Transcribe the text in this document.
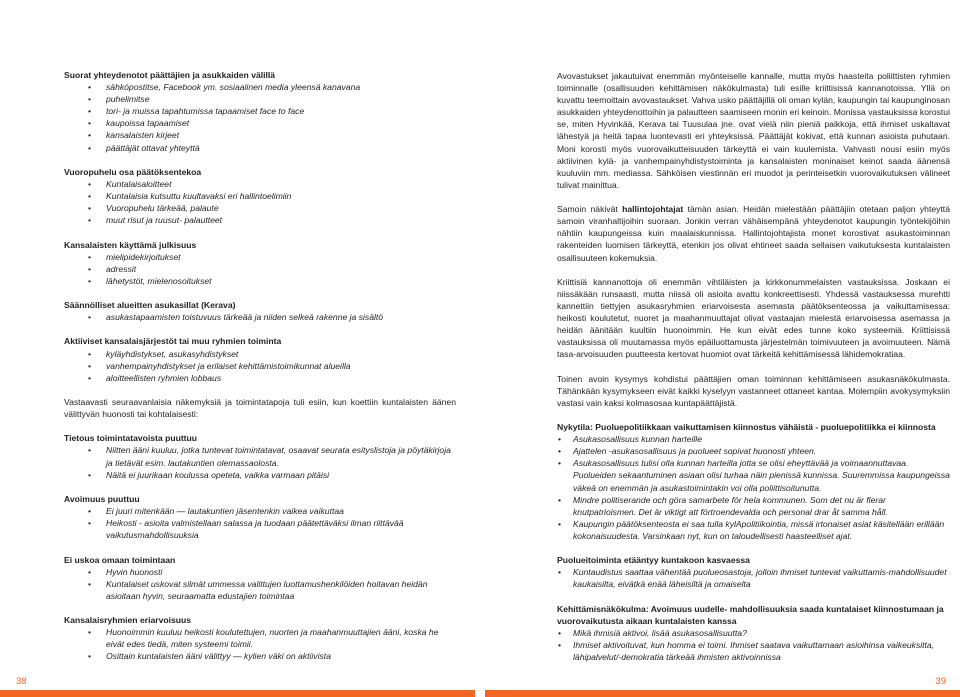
Suorat yhteydenotot päättäjien ja asukkaiden välillä
• sähköpostitse, Facebook ym. sosiaalinen media yleensä kanavana
• puhelimitse
• tori- ja muissa tapahtumissa tapaamiset face to face
• kaupoissa tapaamiset
• kansalaisten kirjeet
• päättäjät ottavat yhteyttä
Vuoropuhelu osa päätöksentekoa
• Kuntalaisaloitteet
• Kuntalaisia kutsuttu kuultavaksi eri hallintoelimiin
• Vuoropuhelu tärkeää, palaute
• muut risut ja ruusut- palautteet
Kansalaisten käyttämä julkisuus
• mielipidekirjoitukset
• adressit
• lähetystöt, mielenosoitukset
Säännölliset alueitten asukasillat (Kerava)
• asukastapaamisten toistuvuus tärkeää ja niiden selkeä rakenne ja sisältö
Aktiiviset kansalaisjärjestöt tai muu ryhmien toiminta
• kyläyhdistykset, asukasyhdistykset
• vanhempainyhdistykset ja erilaiset kehittämistoimikunnat alueilla
• aloitteellisten ryhmien lobbaus

Vastaavasti seuraavanlaisia näkemyksiä ja toimintatapoja tuli esiin, kun koettiin kuntalaisten äänen välittyvän huonosti tai kohtalaisesti:

Tietous toimintatavoista puuttuu
• Niitten ääni kuuluu, jotka tuntevat toimintatavat, osaavat seurata esityslistoja ja pöytäkirjoja ja tietävät esim. lautakuntien olemassaolosta.
• Näitä ei juurikaan koulussa opeteta, vaikka varmaan pitäisi
Avoimuus puuttuu
• Ei juuri mitenkään — lautakuntien jäsentenkin vaikea vaikuttaa
• Heikosti - asioita valmistellaan salassa ja tuodaan päätettäväksi ilman riittävää vaikutusmahdollisuuksia
Ei uskoa omaan toimintaan
• Hyvin huonosti
• Kuntalaiset uskovat silmät ummessa valittujen luottamushenkilöiden hoitavan heidän asioitaan hyvin, seuraamatta edustajien toimintaa
Kansalaisryhmien eriarvoisuus
• Huonoimmin kuuluu heikosti koulutettujen, nuorten ja maahanmuuttajien ääni, koska he eivät edes tiedä, miten systeemi toimii.
• Osittain kuntalaisten ääni välittyy — kylien väki on aktiivista
38

Avovastukset jakautuivat enemmän myönteiselle kannalle, mutta myös haasteita poliittisten ryhmien toiminnalle (osallisuuden kehittämisen näkökulmasta) tuli esille kriittisissä kannanotoissa. Yllä on kuvattu teemoittain avovastaukset. Vahva usko päättäjillä oli oman kylän, kaupungin tai kaupunginosan asukkaiden yhteydenottoihin ja palautteen saamiseen monin eri keinoin. Monissa vastauksissa korostui se, miten Hyvinkää, Kerava tai Tuusulaa jne. ovat vielä niin pieniä paikkoja, että ihmiset uskaltavat lähestyä ja heitä tapaa luontevasti eri yhteyksissä. Päättäjät kokivat, että kunnan asioista puhutaan. Moni korosti myös vuorovaikutteisuuden tärkeyttä ei vain kuulemista. Vahvasti nousi esiin myös aktiivinen kylä- ja vanhempainyhdistystoiminta ja kansalaisten moninaiset keinot saada äänensä kuuluviin mm. mediassa. Sähköisen viestinnän eri muodot ja perinteisetkin vuorovaikutuksen välineet tulivat mainittua.

Samoin näkivät hallintojohtajat tämän asian. Heidän mielestään päättäjiin otetaan paljon yhteyttä samoin viranhaltijoihin suoraan. Jonkin verran vähäisempänä yhteydenotot kaupungin työntekijöihin nähtiin kaupungeissa kuin maalaiskunnissa. Hallintojohtajista monet korostivat asukastoiminnan rakenteiden luomisen tärkeyttä, etenkin jos olivat ehtineet saada sellaisen vaikutuksesta kuntalaisten osallisuuteen kokemuksia.

Kriittisiä kannanottoja oli enemmän vihtiläisten ja kirkkonummelaisten vastauksissa. Joskaan ei niissäkään runsaasti, mutta niissä oli asioita avattu konkreettisesti. Yhdessä vastauksessa murehtti kannettiin tiettyjen asukasryhmien eriarvoisesta asemasta päätöksenteossa ja vaikuttamisessa: heikosti koulutetut, nuoret ja maahanmuuttajat olivat vastaajan mielestä eriarvoisessa asemassa ja heidän äänitään kuultiin huonoimmin. He kun eivät edes tunne koko systeemiä. Kriittisissä vastauksissa oli muutamassa myös epäiluottamusta järjestelmän toimivuuteen ja avoimuuteen. Nämä tasa-arvoisuuden puutteesta kertovat huomiot ovat tärkeitä kehittämisessä lähidemokratiaa.

Toinen avoin kysymys kohdistui päättäjien oman toiminnan kehittämiseen asukasnäkökulmasta. Tähänkään kysymykseen eivät kaikki kyselyyn vastanneet ottaneet kantaa. Molempiin avokysymyksiin vastasi vain kaksi kolmasosaa kuntapäättäjistä.

Nykytila: Puoluepolitiikkaan vaikuttamisen kiinnostus vähäistä - puoluepolitiikka ei kiinnosta
• Asukasosallisuus kunnan harteille
• Ajattelen -asukasosallisuus ja puolueet sopivat huonosti yhteen.
• Asukasosallisuus tulisi olla kunnan harteilla jotta se olisi eheyttävää ja voimaannuttavaa. Puolueiden sekaantuminen asiaan olisi turhaa näin pienissä kunnissa. Suuremmissa kaupungeissa väkeä on enemmän ja asukastoimintakin voi olla poliittisoitunutta.
• Mindre politiserande och göra samarbete för hela kommunen. Som det nu är flerar knutpatrioismen. Det är viktigt att förtroendevalda och personal drar åt samma håll.
• Kaupungin päätöksenteosta ei saa tulla kylApolitiikointia, missä irtonaiset asiat käsitellään erillään kokonaisuudesta. Varsinkaan nyt, kun on taloudellisesti haasteelliset ajat.
Puolueitoiminta etääntyy kuntakoon kasvaessa
• Kuntaudistus saattaa vähentää puolueosastoja, jolloin ihmiset tuntevat vaikuttamis-mahdollisuudet kaukaisilta, eivätkä enää läheisiltä ja omaiselta
Kehittämisnäkökulma: Avoimuus uudelle- mahdollisuuksia saada kuntalaiset kiinnostumaan ja vuorovaikutusta aikaan kuntalaisten kanssa
• Mikä ihmisiä aktivoi, lisää asukasosallisuutta?
• Ihmiset aktivoituvat, kun homma ei toimi. Ihmiset saatava vaikuttamaan asioihinsa vaikeuksitta, lähipalvelut/-demokratia tärkeää ihmisten aktivoinnissa
39
